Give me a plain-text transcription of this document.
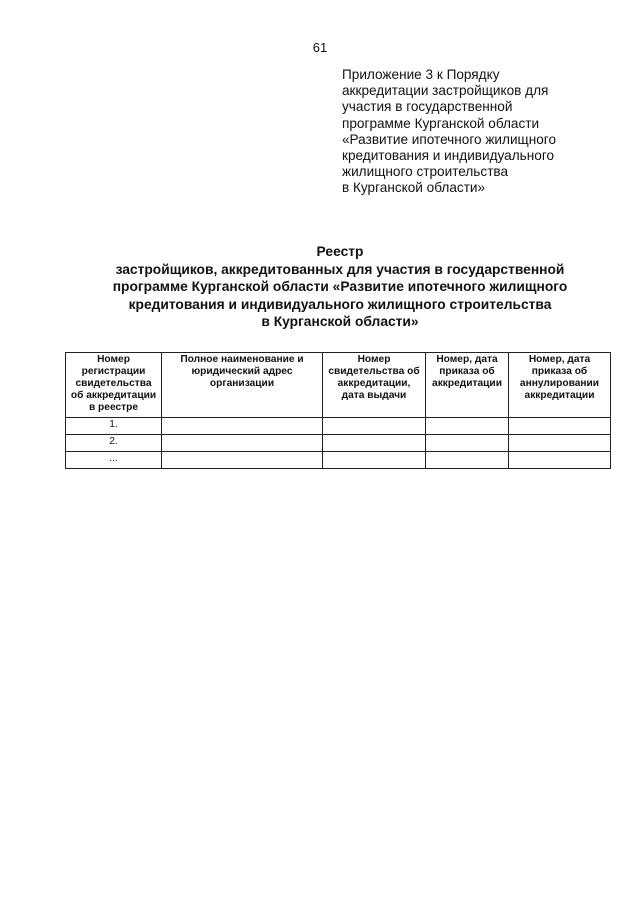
61
Приложение 3 к Порядку
аккредитации застройщиков для
участия в государственной
программе Курганской области
«Развитие ипотечного жилищного
кредитования и индивидуального
жилищного строительства
в Курганской области»
Реестр
застройщиков, аккредитованных для участия в государственной
программе Курганской области «Развитие ипотечного жилищного
кредитования и индивидуального жилищного строительства
в Курганской области»
Номер регистрации свидетельства об аккредитации в реестре	Полное наименование и юридический адрес организации	Номер свидетельства об аккредитации, дата выдачи	Номер, дата приказа об аккредитации	Номер, дата приказа об аннулировании аккредитации
1.				
2.				
...				
